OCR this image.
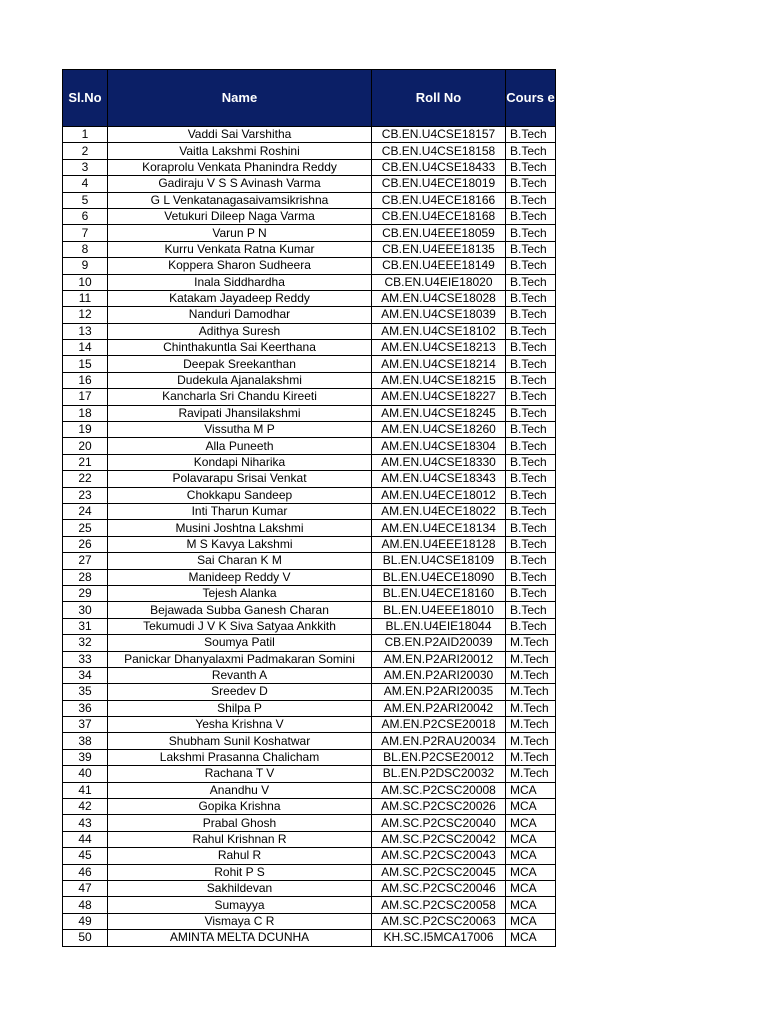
Sl.No	Name	Roll No	Cours e
1	Vaddi Sai Varshitha	CB.EN.U4CSE18157	B.Tech
2	Vaitla Lakshmi Roshini	CB.EN.U4CSE18158	B.Tech
3	Koraprolu Venkata Phanindra Reddy	CB.EN.U4CSE18433	B.Tech
4	Gadiraju V S S Avinash Varma	CB.EN.U4ECE18019	B.Tech
5	G L Venkatanagasaivamsikrishna	CB.EN.U4ECE18166	B.Tech
6	Vetukuri Dileep Naga Varma	CB.EN.U4ECE18168	B.Tech
7	Varun P N	CB.EN.U4EEE18059	B.Tech
8	Kurru Venkata Ratna Kumar	CB.EN.U4EEE18135	B.Tech
9	Koppera Sharon Sudheera	CB.EN.U4EEE18149	B.Tech
10	Inala Siddhardha	CB.EN.U4EIE18020	B.Tech
11	Katakam Jayadeep Reddy	AM.EN.U4CSE18028	B.Tech
12	Nanduri Damodhar	AM.EN.U4CSE18039	B.Tech
13	Adithya Suresh	AM.EN.U4CSE18102	B.Tech
14	Chinthakuntla Sai Keerthana	AM.EN.U4CSE18213	B.Tech
15	Deepak Sreekanthan	AM.EN.U4CSE18214	B.Tech
16	Dudekula Ajanalakshmi	AM.EN.U4CSE18215	B.Tech
17	Kancharla Sri Chandu Kireeti	AM.EN.U4CSE18227	B.Tech
18	Ravipati Jhansilakshmi	AM.EN.U4CSE18245	B.Tech
19	Vissutha M P	AM.EN.U4CSE18260	B.Tech
20	Alla Puneeth	AM.EN.U4CSE18304	B.Tech
21	Kondapi Niharika	AM.EN.U4CSE18330	B.Tech
22	Polavarapu Srisai Venkat	AM.EN.U4CSE18343	B.Tech
23	Chokkapu Sandeep	AM.EN.U4ECE18012	B.Tech
24	Inti Tharun Kumar	AM.EN.U4ECE18022	B.Tech
25	Musini Joshtna Lakshmi	AM.EN.U4ECE18134	B.Tech
26	M S Kavya Lakshmi	AM.EN.U4EEE18128	B.Tech
27	Sai Charan K M	BL.EN.U4CSE18109	B.Tech
28	Manideep Reddy V	BL.EN.U4ECE18090	B.Tech
29	Tejesh Alanka	BL.EN.U4ECE18160	B.Tech
30	Bejawada Subba Ganesh Charan	BL.EN.U4EEE18010	B.Tech
31	Tekumudi J V K Siva Satyaa Ankkith	BL.EN.U4EIE18044	B.Tech
32	Soumya Patil	CB.EN.P2AID20039	M.Tech
33	Panickar Dhanyalaxmi Padmakaran Somini	AM.EN.P2ARI20012	M.Tech
34	Revanth A	AM.EN.P2ARI20030	M.Tech
35	Sreedev D	AM.EN.P2ARI20035	M.Tech
36	Shilpa P	AM.EN.P2ARI20042	M.Tech
37	Yesha Krishna V	AM.EN.P2CSE20018	M.Tech
38	Shubham Sunil Koshatwar	AM.EN.P2RAU20034	M.Tech
39	Lakshmi Prasanna Chalicham	BL.EN.P2CSE20012	M.Tech
40	Rachana T V	BL.EN.P2DSC20032	M.Tech
41	Anandhu V	AM.SC.P2CSC20008	MCA
42	Gopika Krishna	AM.SC.P2CSC20026	MCA
43	Prabal Ghosh	AM.SC.P2CSC20040	MCA
44	Rahul Krishnan R	AM.SC.P2CSC20042	MCA
45	Rahul R	AM.SC.P2CSC20043	MCA
46	Rohit P S	AM.SC.P2CSC20045	MCA
47	Sakhildevan	AM.SC.P2CSC20046	MCA
48	Sumayya	AM.SC.P2CSC20058	MCA
49	Vismaya C R	AM.SC.P2CSC20063	MCA
50	AMINTA MELTA DCUNHA	KH.SC.I5MCA17006	MCA
